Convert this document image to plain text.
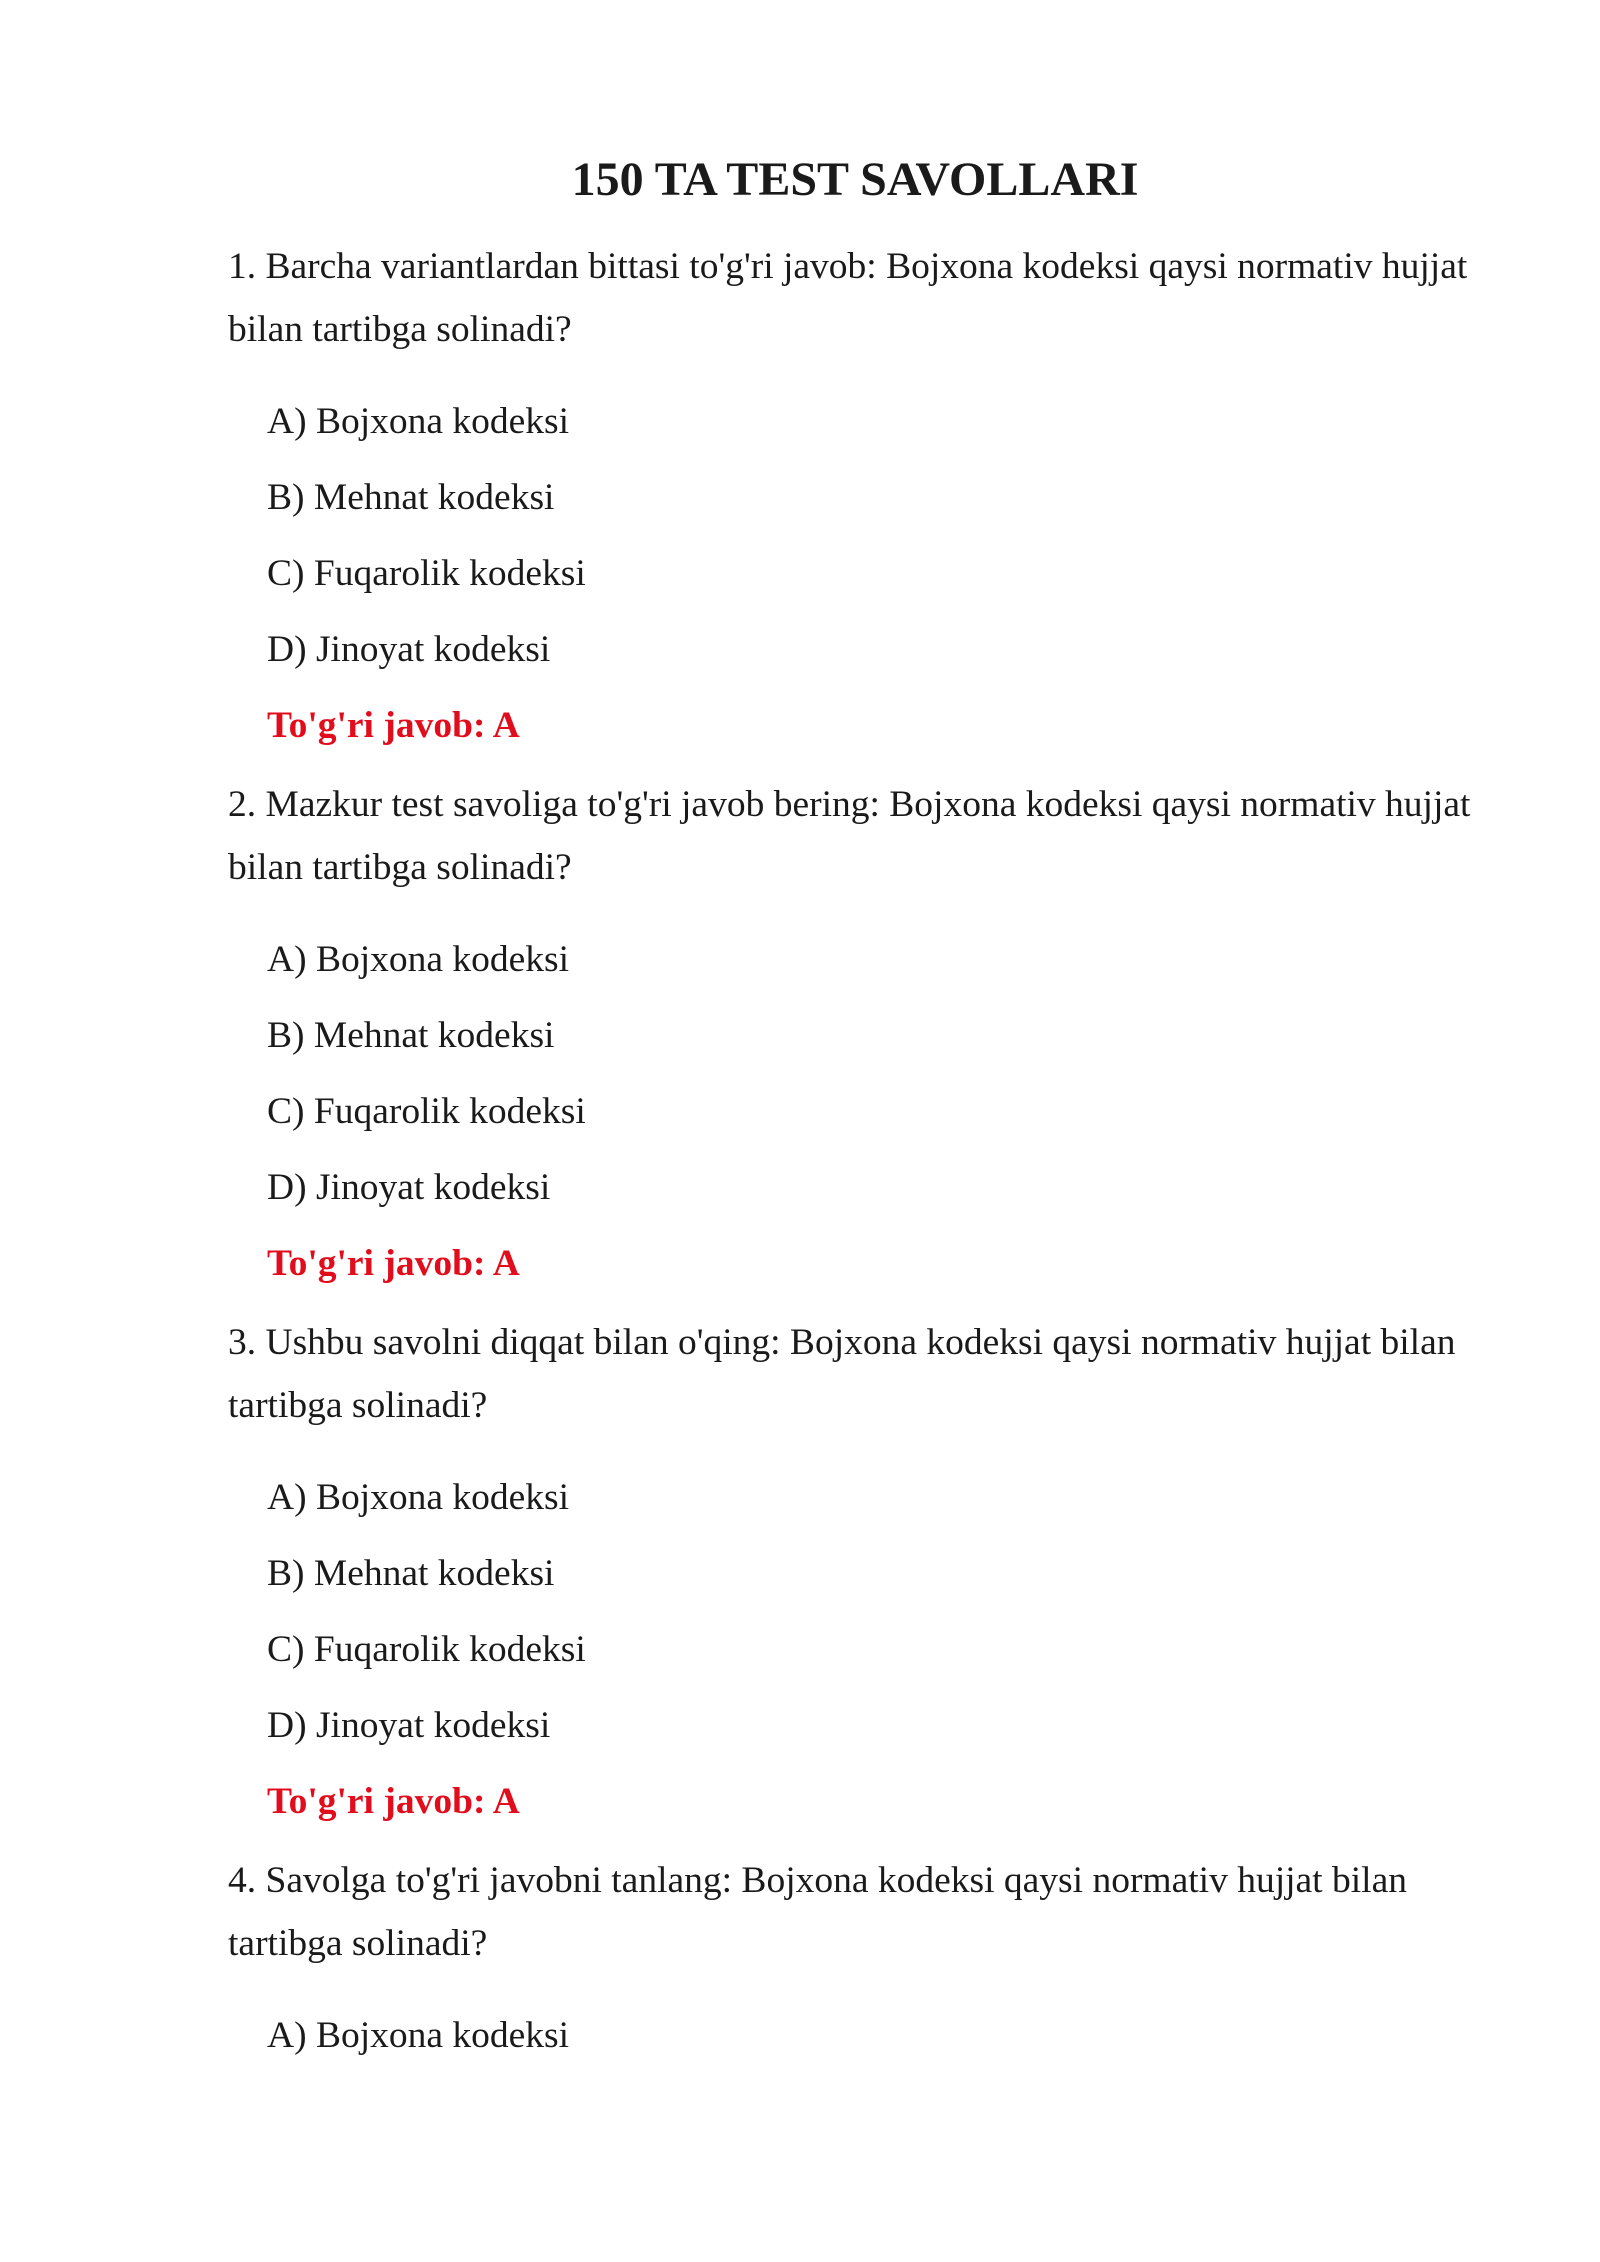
150 TA TEST SAVOLLARI

1. Barcha variantlardan bittasi to'g'ri javob: Bojxona kodeksi qaysi normativ hujjat bilan tartibga solinadi?

A) Bojxona kodeksi

B) Mehnat kodeksi

C) Fuqarolik kodeksi

D) Jinoyat kodeksi

To'g'ri javob: A

2. Mazkur test savoliga to'g'ri javob bering: Bojxona kodeksi qaysi normativ hujjat bilan tartibga solinadi?

A) Bojxona kodeksi

B) Mehnat kodeksi

C) Fuqarolik kodeksi

D) Jinoyat kodeksi

To'g'ri javob: A

3. Ushbu savolni diqqat bilan o'qing: Bojxona kodeksi qaysi normativ hujjat bilan tartibga solinadi?

A) Bojxona kodeksi

B) Mehnat kodeksi

C) Fuqarolik kodeksi

D) Jinoyat kodeksi

To'g'ri javob: A

4. Savolga to'g'ri javobni tanlang: Bojxona kodeksi qaysi normativ hujjat bilan tartibga solinadi?

A) Bojxona kodeksi
